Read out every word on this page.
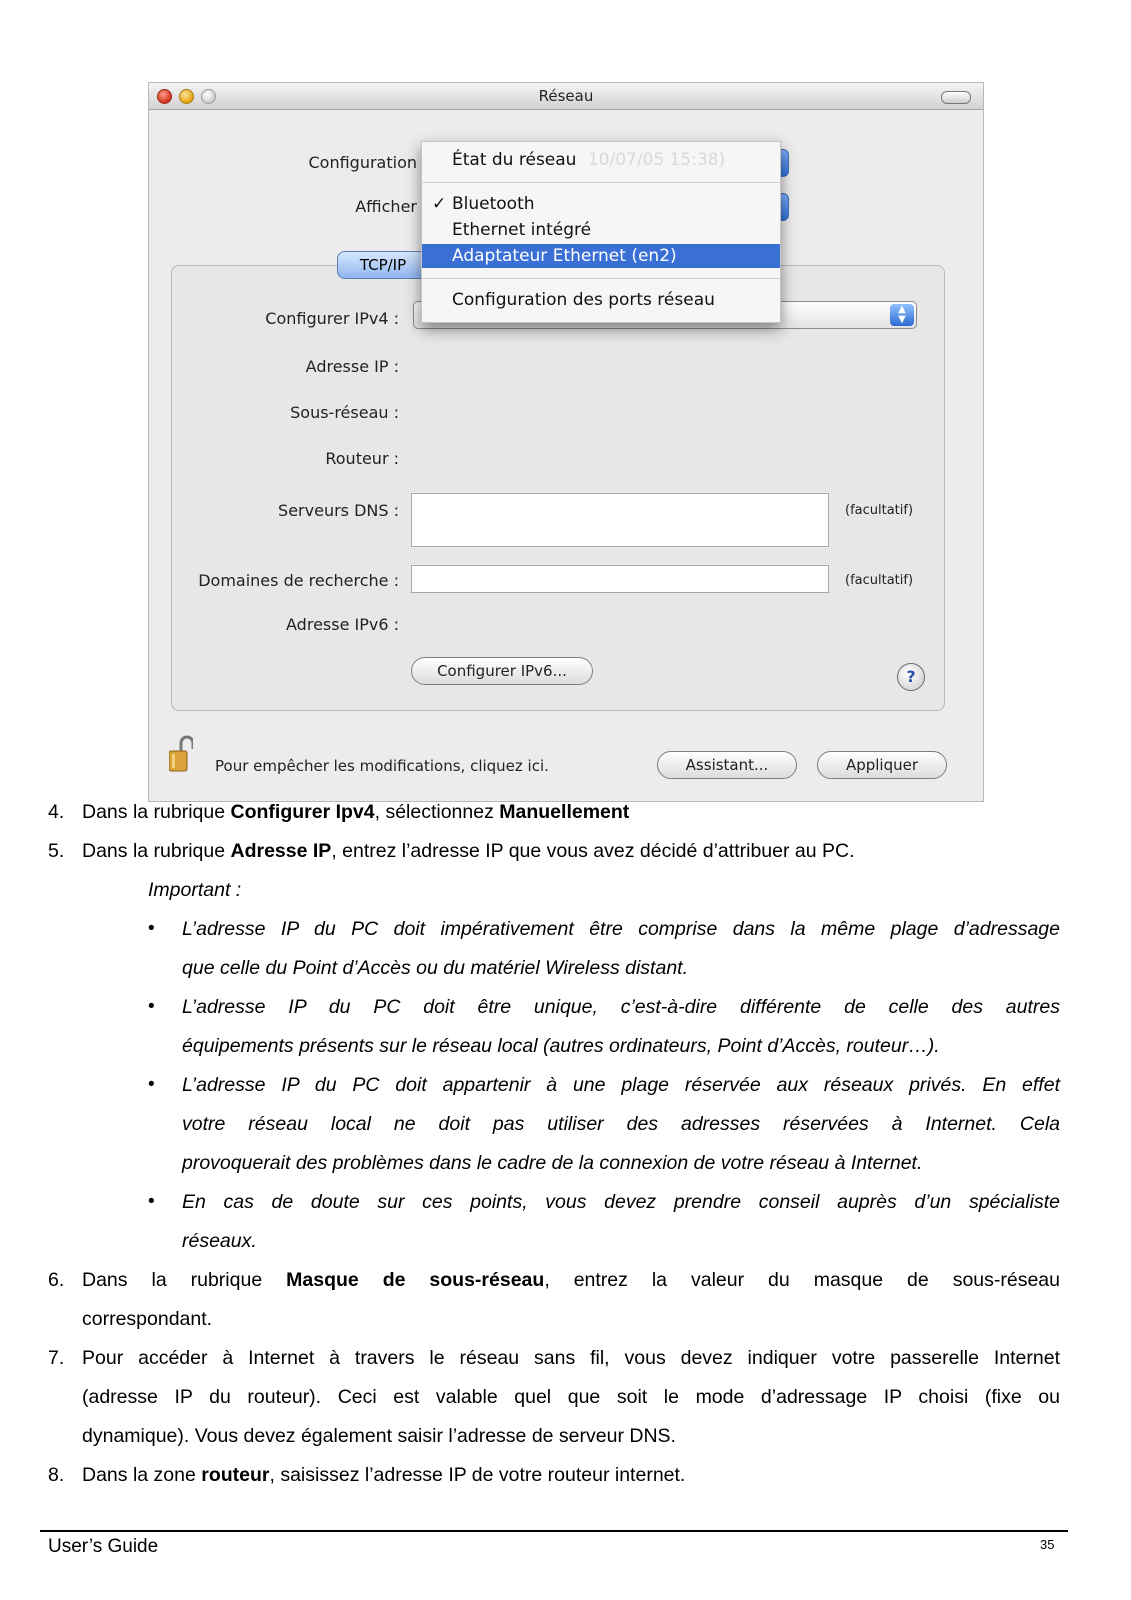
Réseau
Configuration
Afficher
TCP/IP
Configurer IPv4 :	▲
▼
Adresse IP :
Sous-réseau :
Routeur :
Serveurs DNS :	(facultatif)
Domaines de recherche :	(facultatif)
Adresse IPv6 :
Configurer IPv6...	?
Pour empêcher les modifications, cliquez ici.	Assistant...	Appliquer
État du réseau 10/07/05 15:38)
✓ Bluetooth
Ethernet intégré
Adaptateur Ethernet (en2)
Configuration des ports réseau
4. Dans la rubrique Configurer Ipv4, sélectionnez Manuellement
5. Dans la rubrique Adresse IP, entrez l’adresse IP que vous avez décidé d’attribuer au PC.
Important :
• L’adresse IP du PC doit impérativement être comprise dans la même plage d’adressage
que celle du Point d’Accès ou du matériel Wireless distant.
• L’adresse IP du PC doit être unique, c’est-à-dire différente de celle des autres
équipements présents sur le réseau local (autres ordinateurs, Point d’Accès, routeur…).
• L’adresse IP du PC doit appartenir à une plage réservée aux réseaux privés. En effet
votre réseau local ne doit pas utiliser des adresses réservées à Internet. Cela
provoquerait des problèmes dans le cadre de la connexion de votre réseau à Internet.
• En cas de doute sur ces points, vous devez prendre conseil auprès d’un spécialiste
réseaux.
6. Dans la rubrique Masque de sous-réseau, entrez la valeur du masque de sous-réseau
correspondant.
7. Pour accéder à Internet à travers le réseau sans fil, vous devez indiquer votre passerelle Internet
(adresse IP du routeur). Ceci est valable quel que soit le mode d’adressage IP choisi (fixe ou
dynamique). Vous devez également saisir l’adresse de serveur DNS.
8. Dans la zone routeur, saisissez l’adresse IP de votre routeur internet.
User’s Guide	35
